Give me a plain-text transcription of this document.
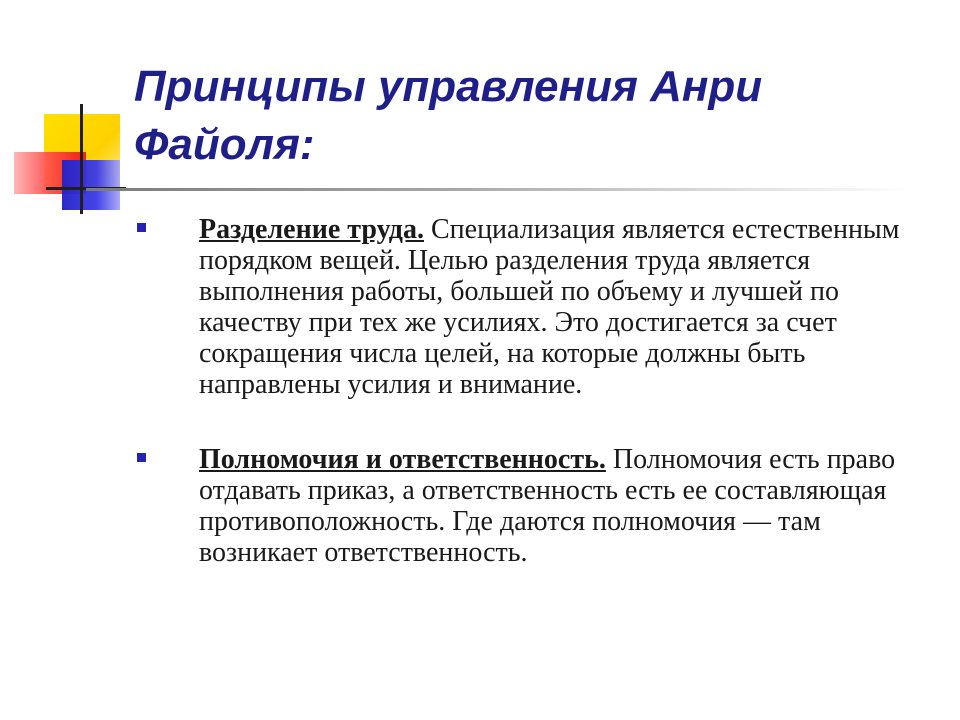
Принципы управления Анри Файоля:
Разделение труда. Специализация является естественным порядком вещей. Целью разделения труда является выполнения работы, большей по объему и лучшей по качеству при тех же усилиях. Это достигается за счет сокращения числа целей, на которые должны быть направлены усилия и внимание.
Полномочия и ответственность. Полномочия есть право отдавать приказ, а ответственность есть ее составляющая противоположность. Где даются полномочия — там возникает ответственность.
